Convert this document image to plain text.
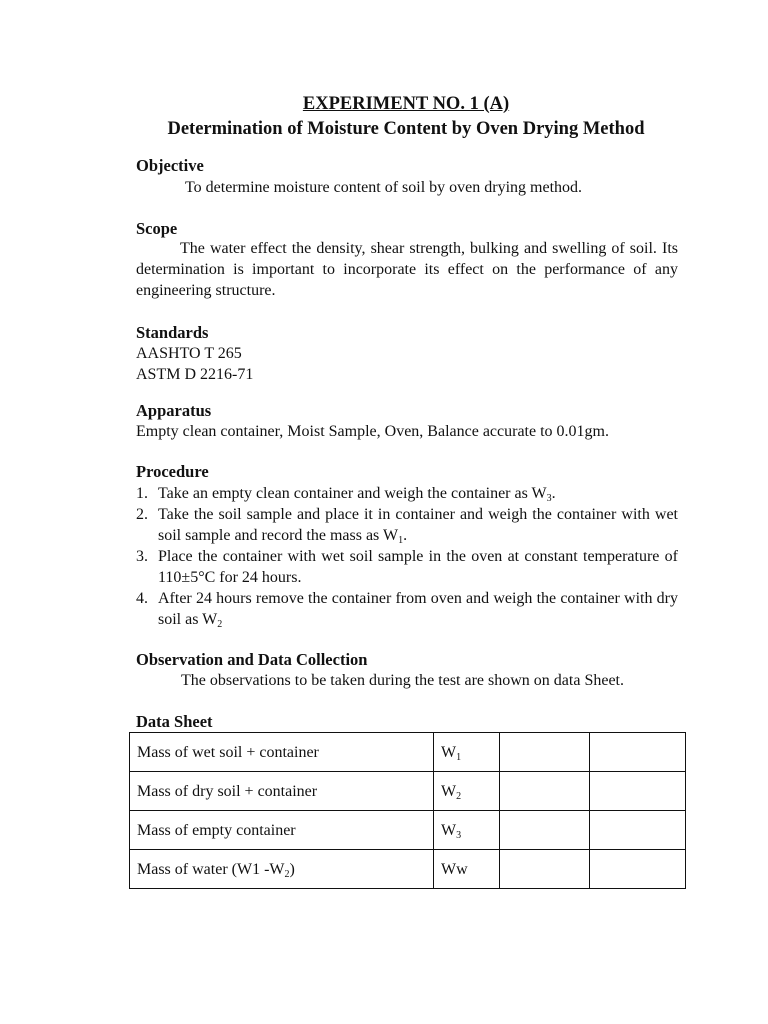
EXPERIMENT NO. 1 (A)
Determination of Moisture Content by Oven Drying Method
Objective
To determine moisture content of soil by oven drying method.
Scope
The water effect the density, shear strength, bulking and swelling of soil. Its determination is important to incorporate its effect on the performance of any engineering structure.
Standards
AASHTO T 265
ASTM D 2216-71
Apparatus
Empty clean container, Moist Sample, Oven, Balance accurate to 0.01gm.
Procedure
1. Take an empty clean container and weigh the container as $W_3$.
2. Take the soil sample and place it in container and weigh the container with wet soil sample and record the mass as $W_1$.
3. Place the container with wet soil sample in the oven at constant temperature of 110±5°C for 24 hours.
4. After 24 hours remove the container from oven and weigh the container with dry soil as $W_2$
Observation and Data Collection
The observations to be taken during the test are shown on data Sheet.
Data Sheet
Mass of wet soil + container	$W_1$		
Mass of dry soil + container	$W_2$		
Mass of empty container	$W_3$		
Mass of water (W1 $-W_2$)	Ww		
